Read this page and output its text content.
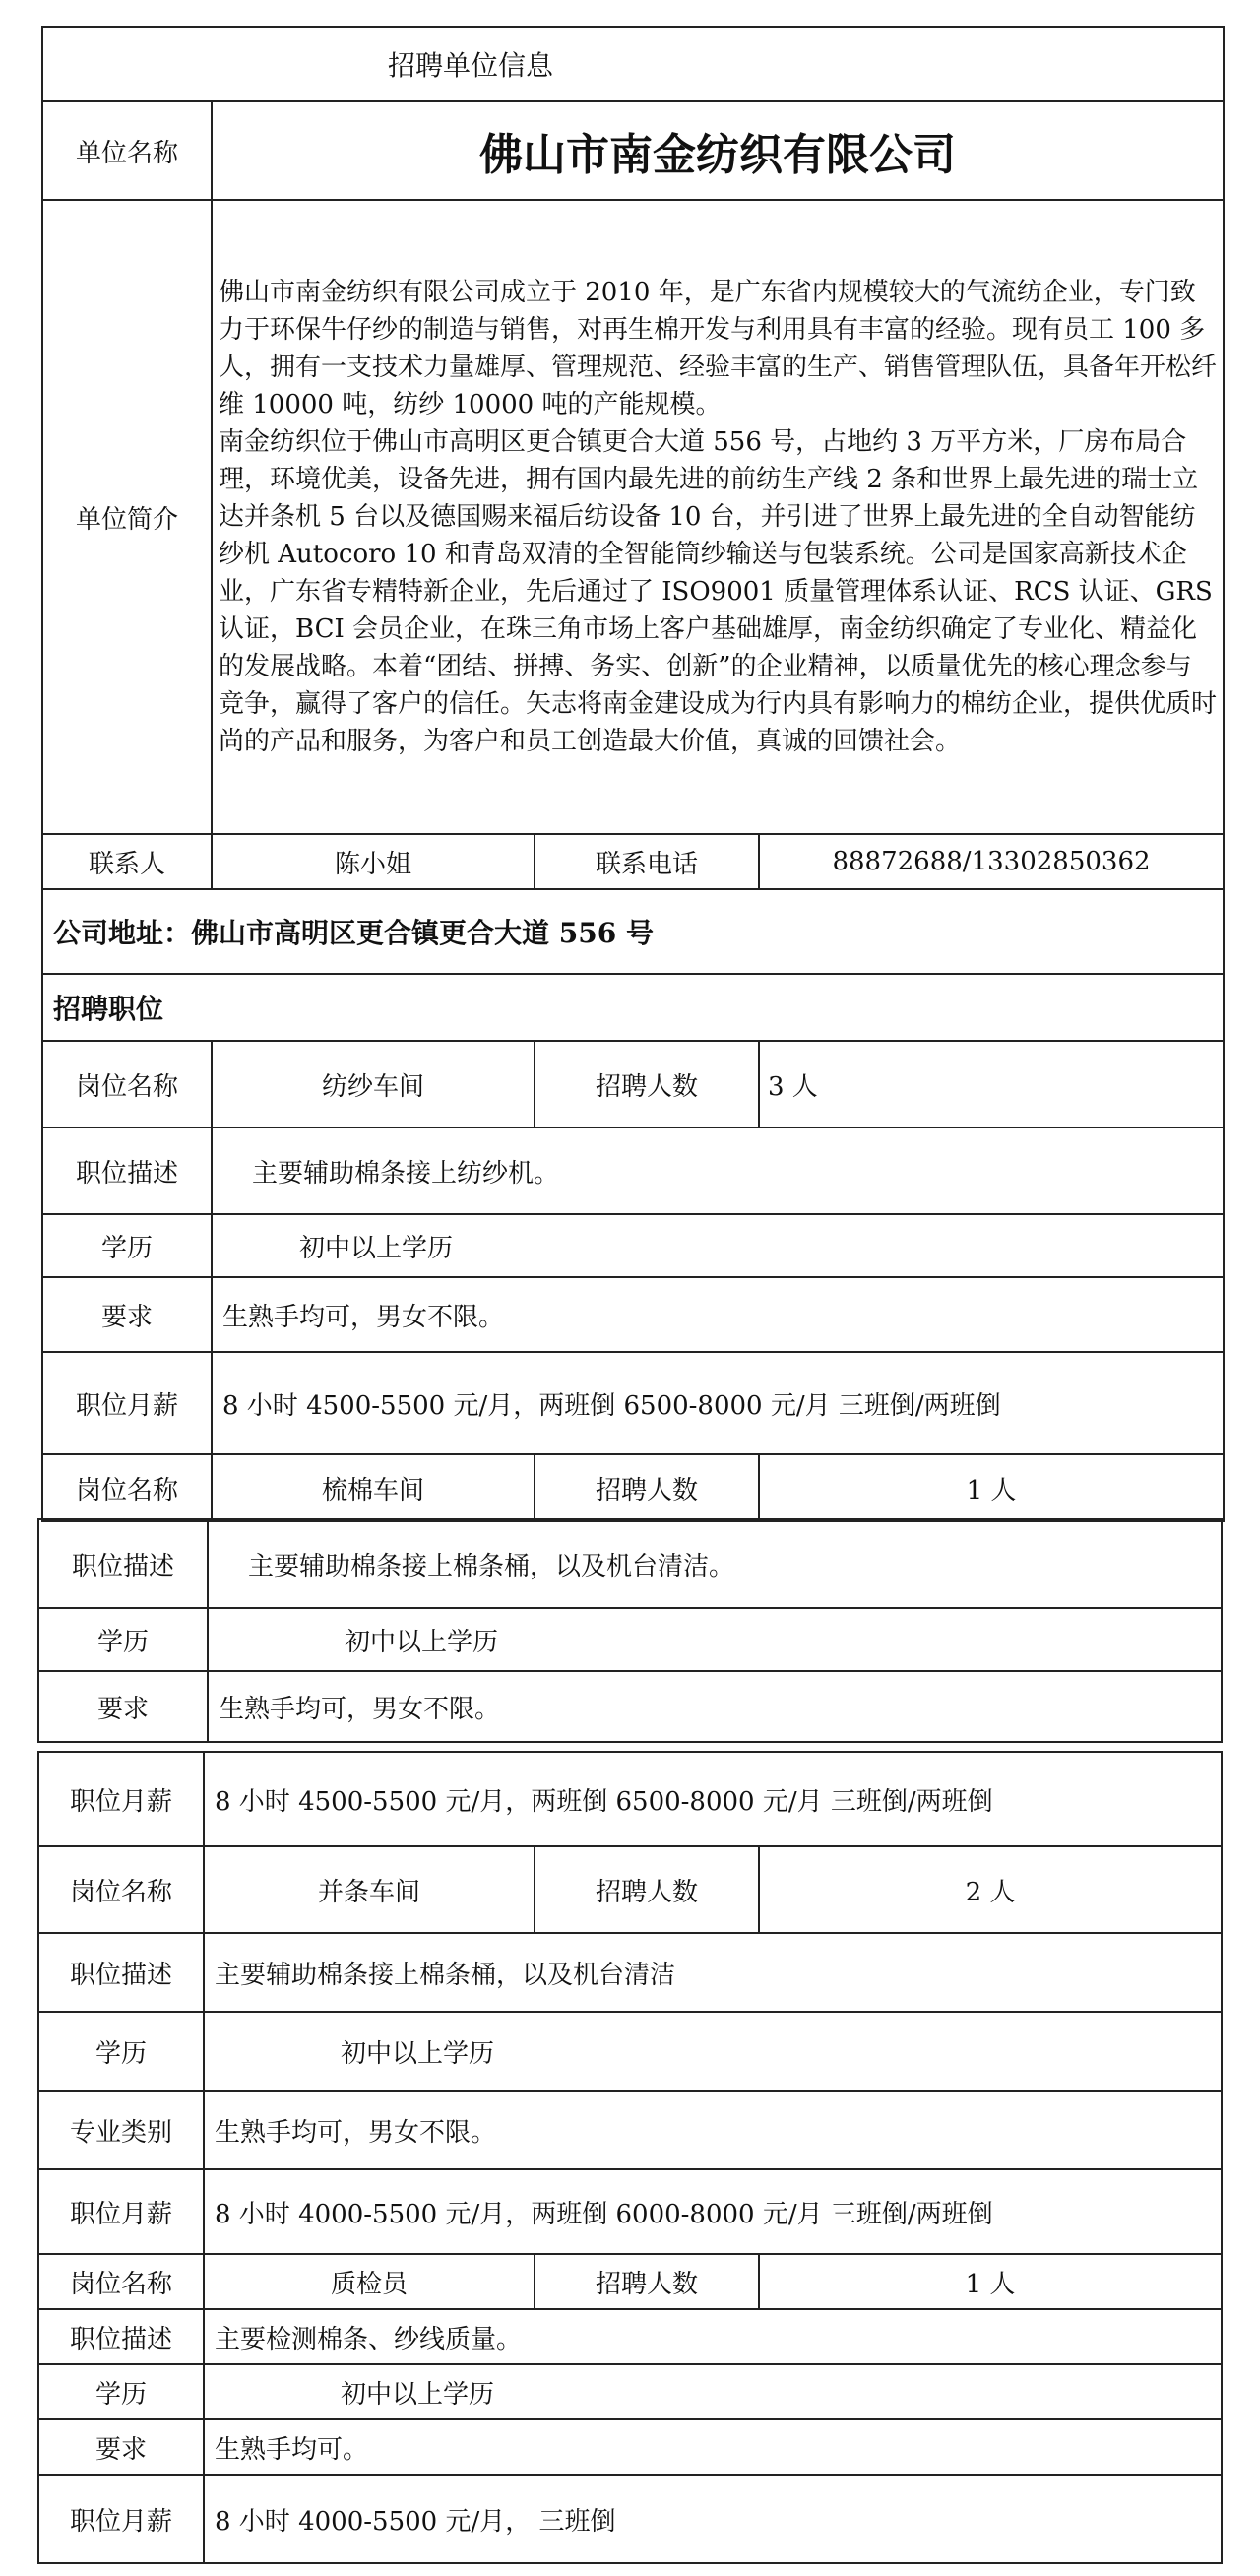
招聘单位信息			
单位名称	佛山市南金纺织有限公司		
单位简介	佛山市南金纺织有限公司成立于 2010 年，是广东省内规模较大的气流纺企业，专门致力于环保牛仔纱的制造与销售，对再生棉开发与利用具有丰富的经验。现有员工 100 多人，拥有一支技术力量雄厚、管理规范、经验丰富的生产、销售管理队伍，具备年开松纤维 10000 吨，纺纱 10000 吨的产能规模。

南金纺织位于佛山市高明区更合镇更合大道 556 号，占地约 3 万平方米，厂房布局合理，环境优美，设备先进，拥有国内最先进的前纺生产线 2 条和世界上最先进的瑞士立达并条机 5 台以及德国赐来福后纺设备 10 台，并引进了世界上最先进的全自动智能纺纱机 Autocoro 10 和青岛双清的全智能筒纱输送与包装系统。公司是国家高新技术企业，广东省专精特新企业，先后通过了 ISO9001 质量管理体系认证、RCS 认证、GRS 认证，BCI 会员企业，在珠三角市场上客户基础雄厚，南金纺织确定了专业化、精益化的发展战略。本着“团结、拼搏、务实、创新”的企业精神，以质量优先的核心理念参与竞争，赢得了客户的信任。矢志将南金建设成为行内具有影响力的棉纺企业，提供优质时尚的产品和服务，为客户和员工创造最大价值，真诚的回馈社会。		

联系人	陈小姐	联系电话	88872688/13302850362
公司地址：佛山市高明区更合镇更合大道 556 号			
招聘职位			
岗位名称	纺纱车间	招聘人数	3 人
职位描述	主要辅助棉条接上纺纱机。		
学历	初中以上学历		
要求	生熟手均可，男女不限。		
职位月薪	8 小时 4500-5500 元/月，两班倒 6500-8000 元/月 三班倒/两班倒		
岗位名称	梳棉车间	招聘人数	1 人
职位描述	主要辅助棉条接上棉条桶，以及机台清洁。
学历	初中以上学历
要求	生熟手均可，男女不限。
职位月薪	8 小时 4500-5500 元/月，两班倒 6500-8000 元/月 三班倒/两班倒		
岗位名称	并条车间	招聘人数	2 人
职位描述	主要辅助棉条接上棉条桶，以及机台清洁		
学历	初中以上学历		
专业类别	生熟手均可，男女不限。		
职位月薪	8 小时 4000-5500 元/月，两班倒 6000-8000 元/月 三班倒/两班倒		
岗位名称	质检员	招聘人数	1 人
职位描述	主要检测棉条、纱线质量。		
学历	初中以上学历		
要求	生熟手均可。		
职位月薪	8 小时 4000-5500 元/月， 三班倒		
